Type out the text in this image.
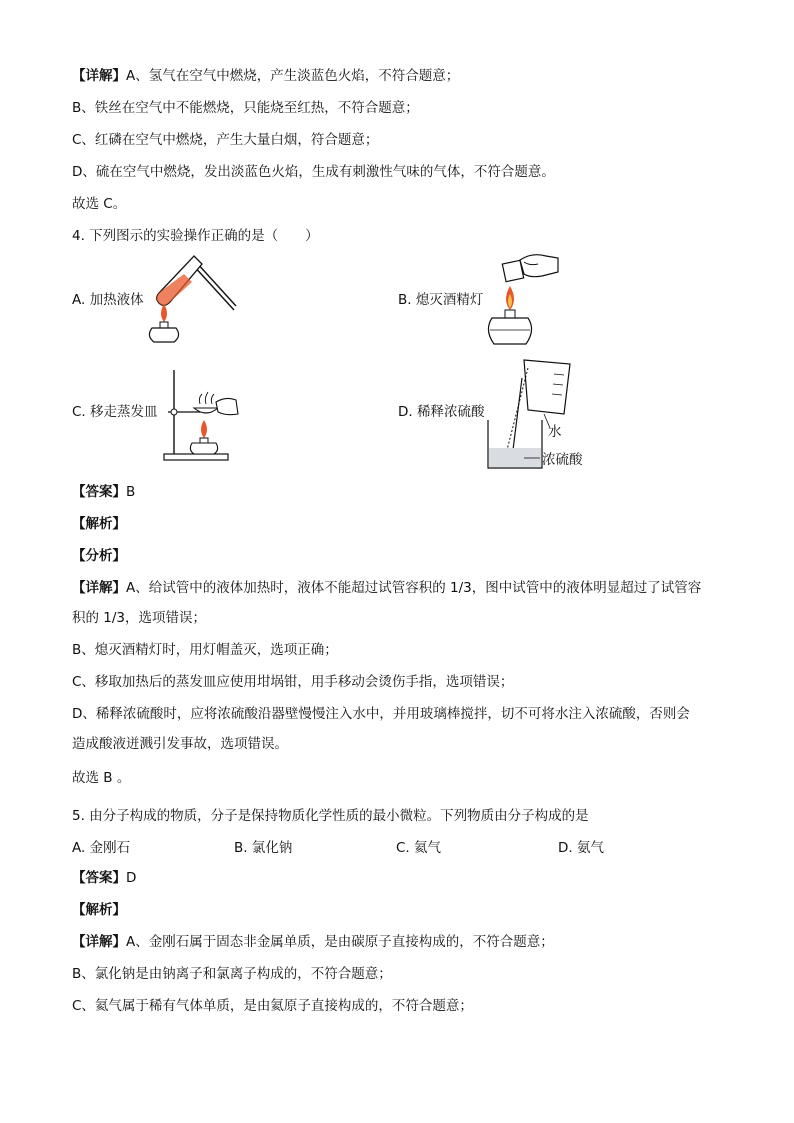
【详解】A、氢气在空气中燃烧，产生淡蓝色火焰，不符合题意；
B、铁丝在空气中不能燃烧，只能烧至红热，不符合题意；
C、红磷在空气中燃烧，产生大量白烟，符合题意；
D、硫在空气中燃烧，发出淡蓝色火焰，生成有刺激性气味的气体，不符合题意。
故选 C。
4. 下列图示的实验操作正确的是（　　）
A. 加热液体	B. 熄灭酒精灯
C. 移走蒸发皿	D. 稀释浓硫酸
水
浓硫酸
【答案】B
【解析】
【分析】
【详解】A、给试管中的液体加热时，液体不能超过试管容积的 1/3，图中试管中的液体明显超过了试管容
积的 1/3，选项错误；
B、熄灭酒精灯时，用灯帽盖灭，选项正确；
C、移取加热后的蒸发皿应使用坩埚钳，用手移动会烫伤手指，选项错误；
D、稀释浓硫酸时，应将浓硫酸沿器壁慢慢注入水中，并用玻璃棒搅拌，切不可将水注入浓硫酸，否则会
造成酸液迸溅引发事故，选项错误。
故选 B 。
5. 由分子构成的物质，分子是保持物质化学性质的最小微粒。下列物质由分子构成的是
A. 金刚石	B. 氯化钠	C. 氦气	D. 氨气
【答案】D
【解析】
【详解】A、金刚石属于固态非金属单质，是由碳原子直接构成的，不符合题意；
B、氯化钠是由钠离子和氯离子构成的，不符合题意；
C、氦气属于稀有气体单质，是由氦原子直接构成的，不符合题意；
